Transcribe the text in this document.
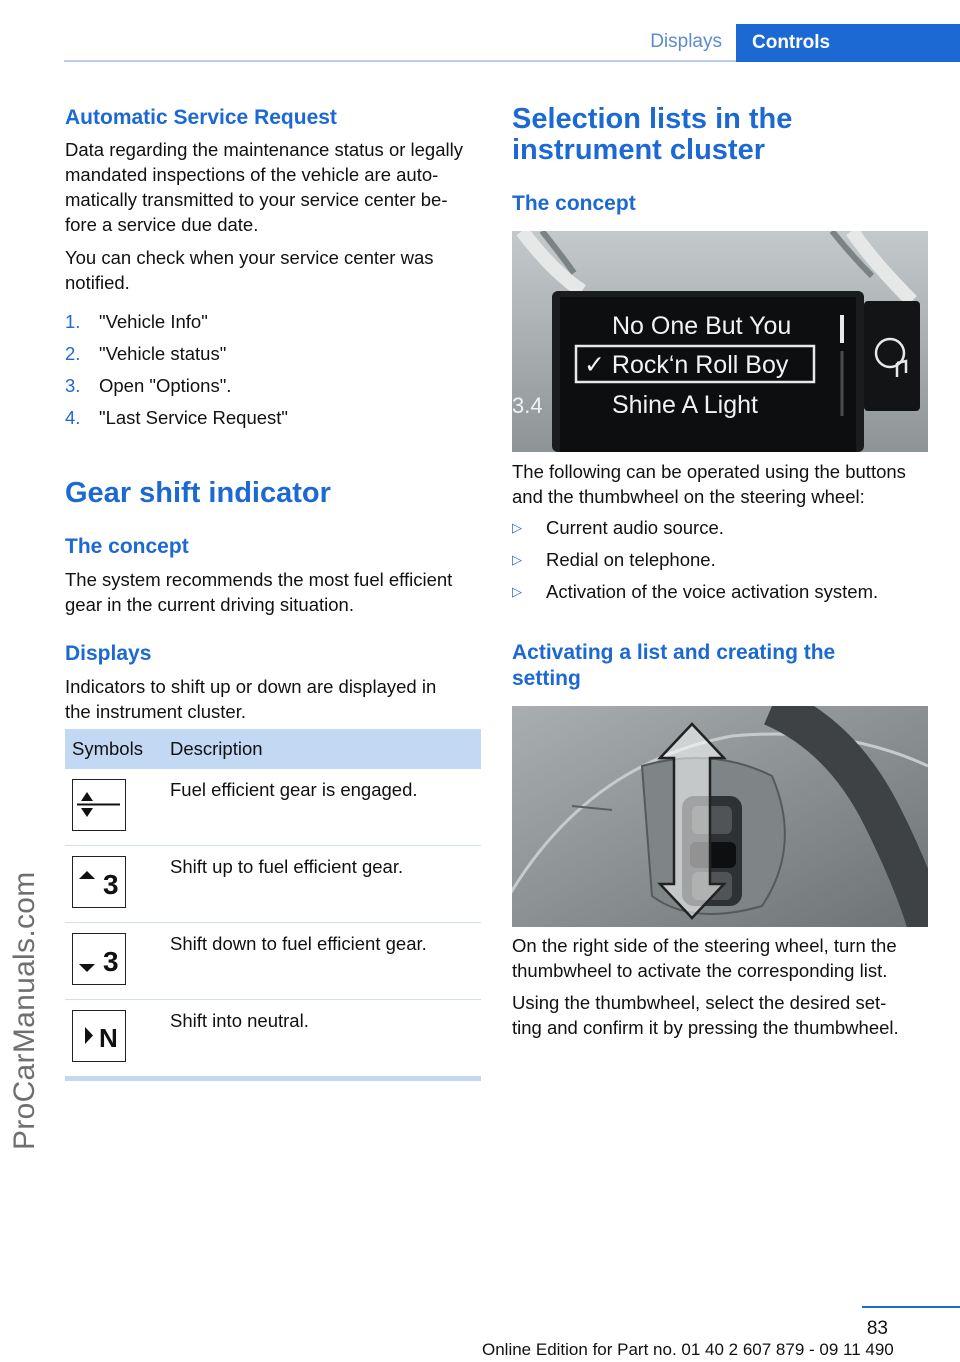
Displays	Controls
ProCarManuals.com
Automatic Service Request

Data regarding the maintenance status or legally
mandated inspections of the vehicle are auto-
matically transmitted to your service center be-
fore a service due date.

You can check when your service center was
notified.

1. "Vehicle Info"
2. "Vehicle status"
3. Open "Options".
4. "Last Service Request"
Gear shift indicator
The concept

The system recommends the most fuel efficient
gear in the current driving situation.

Displays

Indicators to shift up or down are displayed in
the instrument cluster.

Symbols Description
Fuel efficient gear is engaged.
3
Shift up to fuel efficient gear.
3
Shift down to fuel efficient gear.
N
Shift into neutral.
Selection lists in the
instrument cluster
The concept
No One But You
✓ Rock‘n Roll Boy
Shine A Light
3.4

The following can be operated using the buttons
and the thumbwheel on the steering wheel:

▷ Current audio source.
▷ Redial on telephone.
▷ Activation of the voice activation system.
Activating a list and creating the
setting

On the right side of the steering wheel, turn the
thumbwheel to activate the corresponding list.

Using the thumbwheel, select the desired set-
ting and confirm it by pressing the thumbwheel.

83
Online Edition for Part no. 01 40 2 607 879 - 09 11 490
